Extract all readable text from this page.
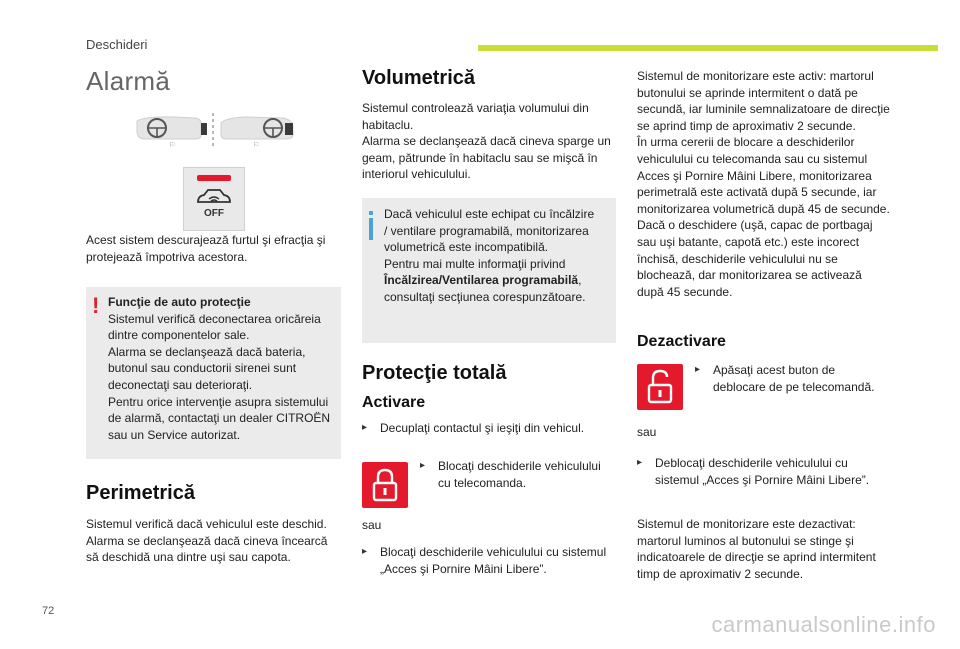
Deschideri
Alarmă
⚐	⚐
OFF
Acest sistem descurajează furtul şi efracţia şi protejează împotriva acestora.
! Funcţie de auto protecţie
Sistemul verifică deconectarea oricăreia
dintre componentelor sale.
Alarma se declanşează dacă bateria,
butonul sau conductorii sirenei sunt
deconectaţi sau deterioraţi.
Pentru orice intervenţie asupra sistemului
de alarmă, contactaţi un dealer CITROËN
sau un Service autorizat.
Perimetrică
Sistemul verifică dacă vehiculul este deschid.
Alarma se declanşează dacă cineva încearcă
să deschidă una dintre uşi sau capota.
Volumetrică
Sistemul controlează variaţia volumului din
habitaclu.
Alarma se declanşează dacă cineva sparge un
geam, pătrunde în habitaclu sau se mişcă în
interiorul vehiculului.
Dacă vehiculul este echipat cu încălzire
/ ventilare programabilă, monitorizarea
volumetrică este incompatibilă.
Pentru mai multe informaţii privind
Încălzirea/Ventilarea programabilă,
consultaţi secţiunea corespunzătoare.
Protecţie totală
Activare
▸	Decuplaţi contactul şi ieşiţi din vehicul.
▸	Blocaţi deschiderile vehiculului
cu telecomanda.
sau
▸	Blocaţi deschiderile vehiculului cu sistemul
„Acces şi Pornire Mâini Libere”.
Sistemul de monitorizare este activ: martorul
butonului se aprinde intermitent o dată pe
secundă, iar luminile semnalizatoare de direcţie
se aprind timp de aproximativ 2 secunde.
În urma cererii de blocare a deschiderilor
vehiculului cu telecomanda sau cu sistemul
Acces şi Pornire Mâini Libere, monitorizarea
perimetrală este activată după 5 secunde, iar
monitorizarea volumetrică după 45 de secunde.
Dacă o deschidere (uşă, capac de portbagaj
sau uşi batante, capotă etc.) este incorect
închisă, deschiderile vehiculului nu se
blochează, dar monitorizarea se activează
după 45 secunde.
Dezactivare
▸	Apăsaţi acest buton de
deblocare de pe telecomandă.
sau
▸	Deblocaţi deschiderile vehiculului cu
sistemul „Acces şi Pornire Mâini Libere”.
Sistemul de monitorizare este dezactivat:
martorul luminos al butonului se stinge şi
indicatoarele de direcţie se aprind intermitent
timp de aproximativ 2 secunde.
72
carmanualsonline.info
